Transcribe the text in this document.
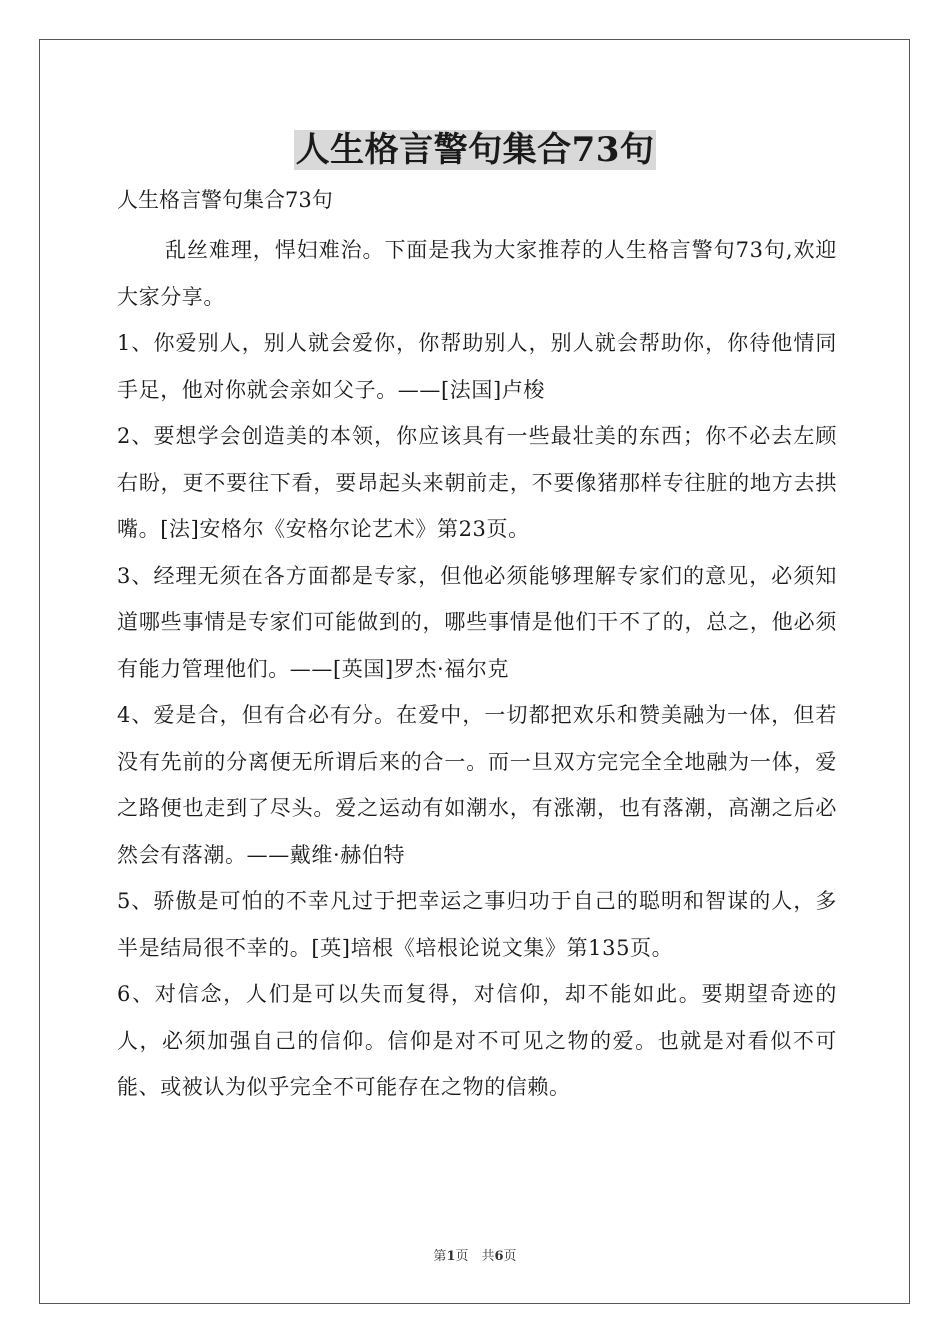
人生格言警句集合73句

人生格言警句集合73句

乱丝难理，悍妇难治。下面是我为大家推荐的人生格言警句73句,欢迎大家分享。

1、你爱别人，别人就会爱你，你帮助别人，别人就会帮助你，你待他情同手足，他对你就会亲如父子。——[法国]卢梭

2、要想学会创造美的本领，你应该具有一些最壮美的东西；你不必去左顾右盼，更不要往下看，要昂起头来朝前走，不要像猪那样专往脏的地方去拱嘴。[法]安格尔《安格尔论艺术》第23页。

3、经理无须在各方面都是专家，但他必须能够理解专家们的意见，必须知道哪些事情是专家们可能做到的，哪些事情是他们干不了的，总之，他必须有能力管理他们。——[英国]罗杰·福尔克

4、爱是合，但有合必有分。在爱中，一切都把欢乐和赞美融为一体，但若没有先前的分离便无所谓后来的合一。而一旦双方完完全全地融为一体，爱之路便也走到了尽头。爱之运动有如潮水，有涨潮，也有落潮，高潮之后必然会有落潮。——戴维·赫伯特

5、骄傲是可怕的不幸凡过于把幸运之事归功于自己的聪明和智谋的人，多半是结局很不幸的。[英]培根《培根论说文集》第135页。

6、对信念，人们是可以失而复得，对信仰，却不能如此。要期望奇迹的人，必须加强自己的信仰。信仰是对不可见之物的爱。也就是对看似不可能、或被认为似乎完全不可能存在之物的信赖。

第1页　共6页
